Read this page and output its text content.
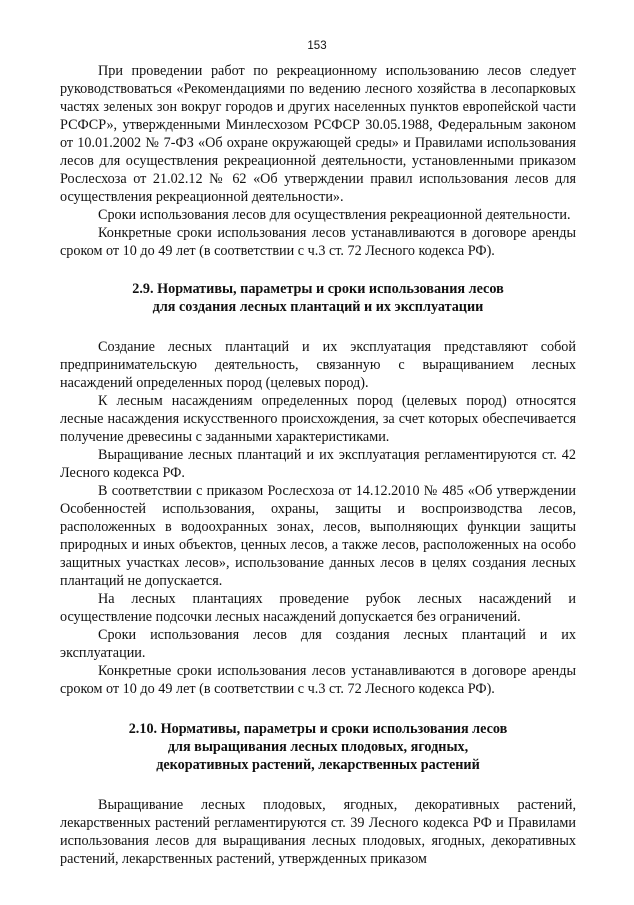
153

При проведении работ по рекреационному использованию лесов следует руководствоваться «Рекомендациями по ведению лесного хозяйства в лесопарковых частях зеленых зон вокруг городов и других населенных пунктов европейской части РСФСР», утвержденными Минлесхозом РСФСР 30.05.1988, Федеральным законом от 10.01.2002 № 7-ФЗ «Об охране окружающей среды» и Правилами использования лесов для осуществления рекреационной деятельности, установленными приказом Рослесхоза от 21.02.12 № 62 «Об утверждении правил использования лесов для осуществления рекреационной деятельности».

Сроки использования лесов для осуществления рекреационной деятельности.

Конкретные сроки использования лесов устанавливаются в договоре аренды сроком от 10 до 49 лет (в соответствии с ч.3 ст. 72 Лесного кодекса РФ).

2.9. Нормативы, параметры и сроки использования лесов
для создания лесных плантаций и их эксплуатации

Создание лесных плантаций и их эксплуатация представляют собой предпринимательскую деятельность, связанную с выращиванием лесных насаждений определенных пород (целевых пород).

К лесным насаждениям определенных пород (целевых пород) относятся лесные насаждения искусственного происхождения, за счет которых обеспечивается получение древесины с заданными характеристиками.

Выращивание лесных плантаций и их эксплуатация регламентируются ст. 42 Лесного кодекса РФ.

В соответствии с приказом Рослесхоза от 14.12.2010 № 485 «Об утверждении Особенностей использования, охраны, защиты и воспроизводства лесов, расположенных в водоохранных зонах, лесов, выполняющих функции защиты природных и иных объектов, ценных лесов, а также лесов, расположенных на особо защитных участках лесов», использование данных лесов в целях создания лесных плантаций не допускается.

На лесных плантациях проведение рубок лесных насаждений и осуществление подсочки лесных насаждений допускается без ограничений.

Сроки использования лесов для создания лесных плантаций и их эксплуатации.

Конкретные сроки использования лесов устанавливаются в договоре аренды сроком от 10 до 49 лет (в соответствии с ч.3 ст. 72 Лесного кодекса РФ).

2.10. Нормативы, параметры и сроки использования лесов
для выращивания лесных плодовых, ягодных,
декоративных растений, лекарственных растений

Выращивание лесных плодовых, ягодных, декоративных растений, лекарственных растений регламентируются ст. 39 Лесного кодекса РФ и Правилами использования лесов для выращивания лесных плодовых, ягодных, декоративных растений, лекарственных растений, утвержденных приказом
